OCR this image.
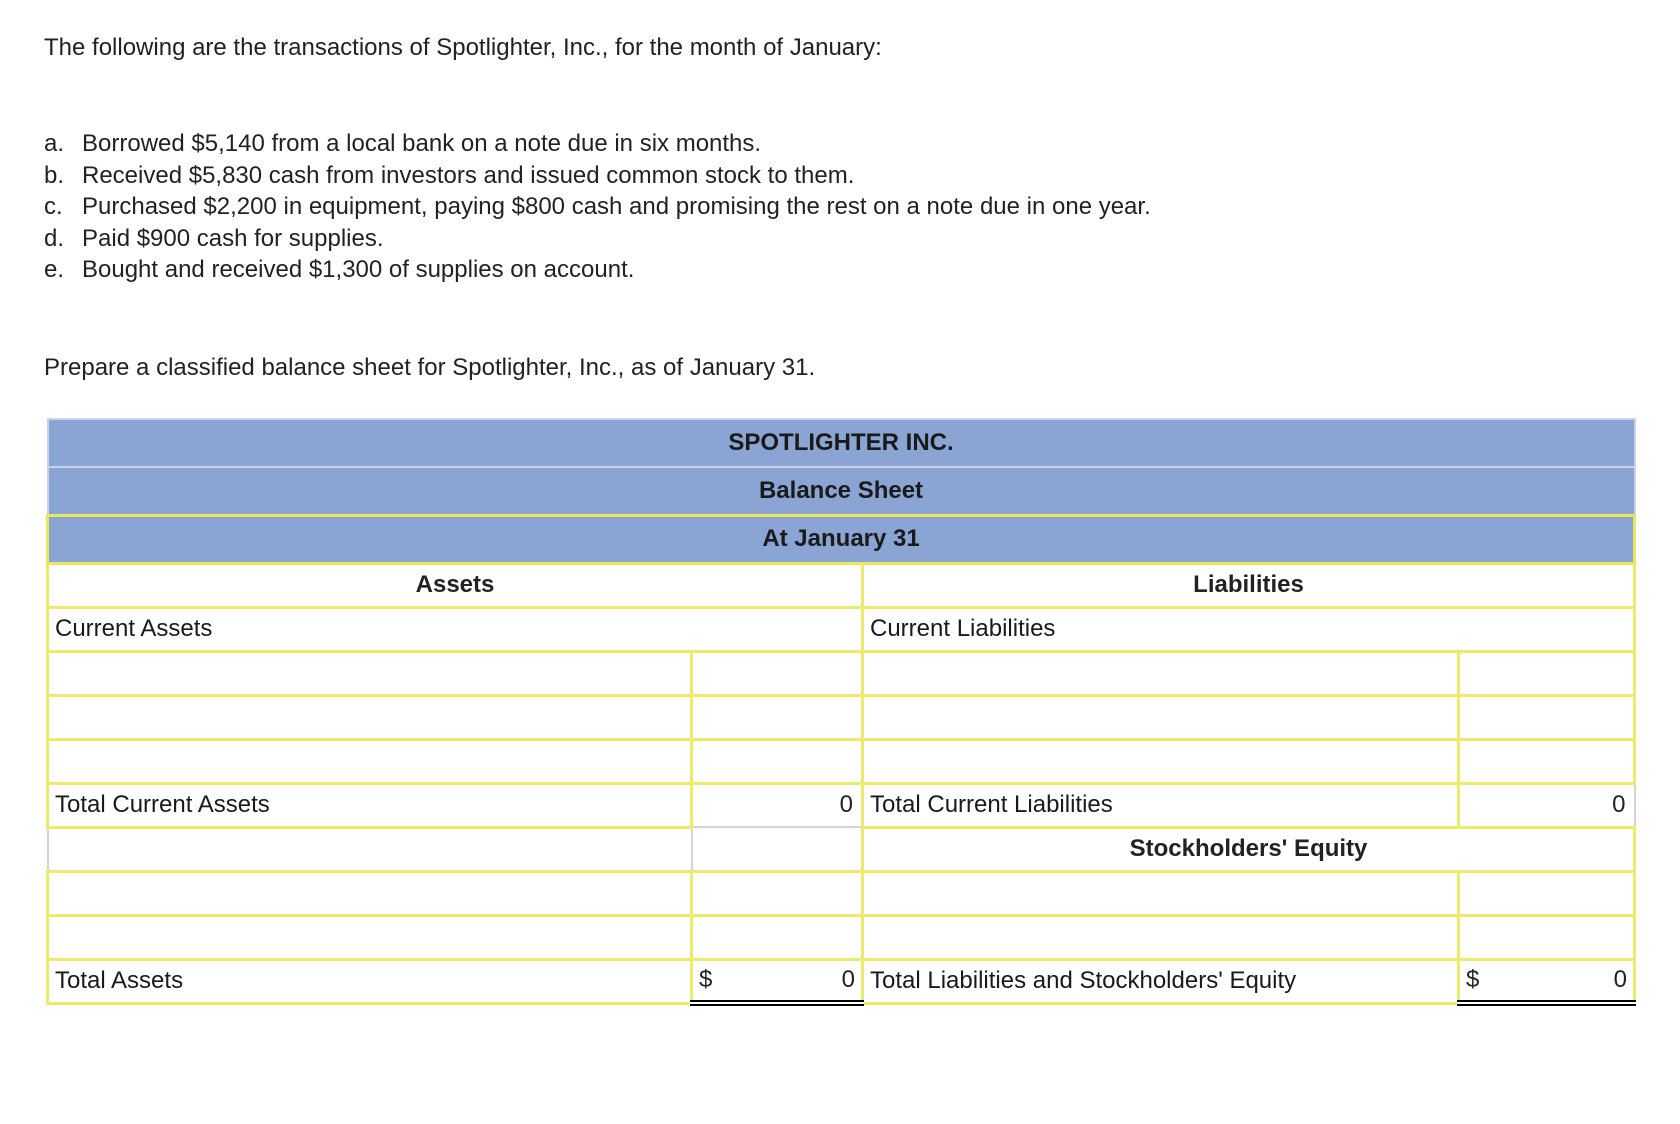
The following are the transactions of Spotlighter, Inc., for the month of January:

a. Borrowed $5,140 from a local bank on a note due in six months.
b. Received $5,830 cash from investors and issued common stock to them.
c. Purchased $2,200 in equipment, paying $800 cash and promising the rest on a note due in one year.
d. Paid $900 cash for supplies.
e. Bought and received $1,300 of supplies on account.

Prepare a classified balance sheet for Spotlighter, Inc., as of January 31.

SPOTLIGHTER INC.			
Balance Sheet			
At January 31			
Assets		Liabilities	
Current Assets		Current Liabilities	

Total Current Assets	0	Total Current Liabilities	0
		Stockholders' Equity	

Total Assets	$ 0	Total Liabilities and Stockholders' Equity	$ 0
